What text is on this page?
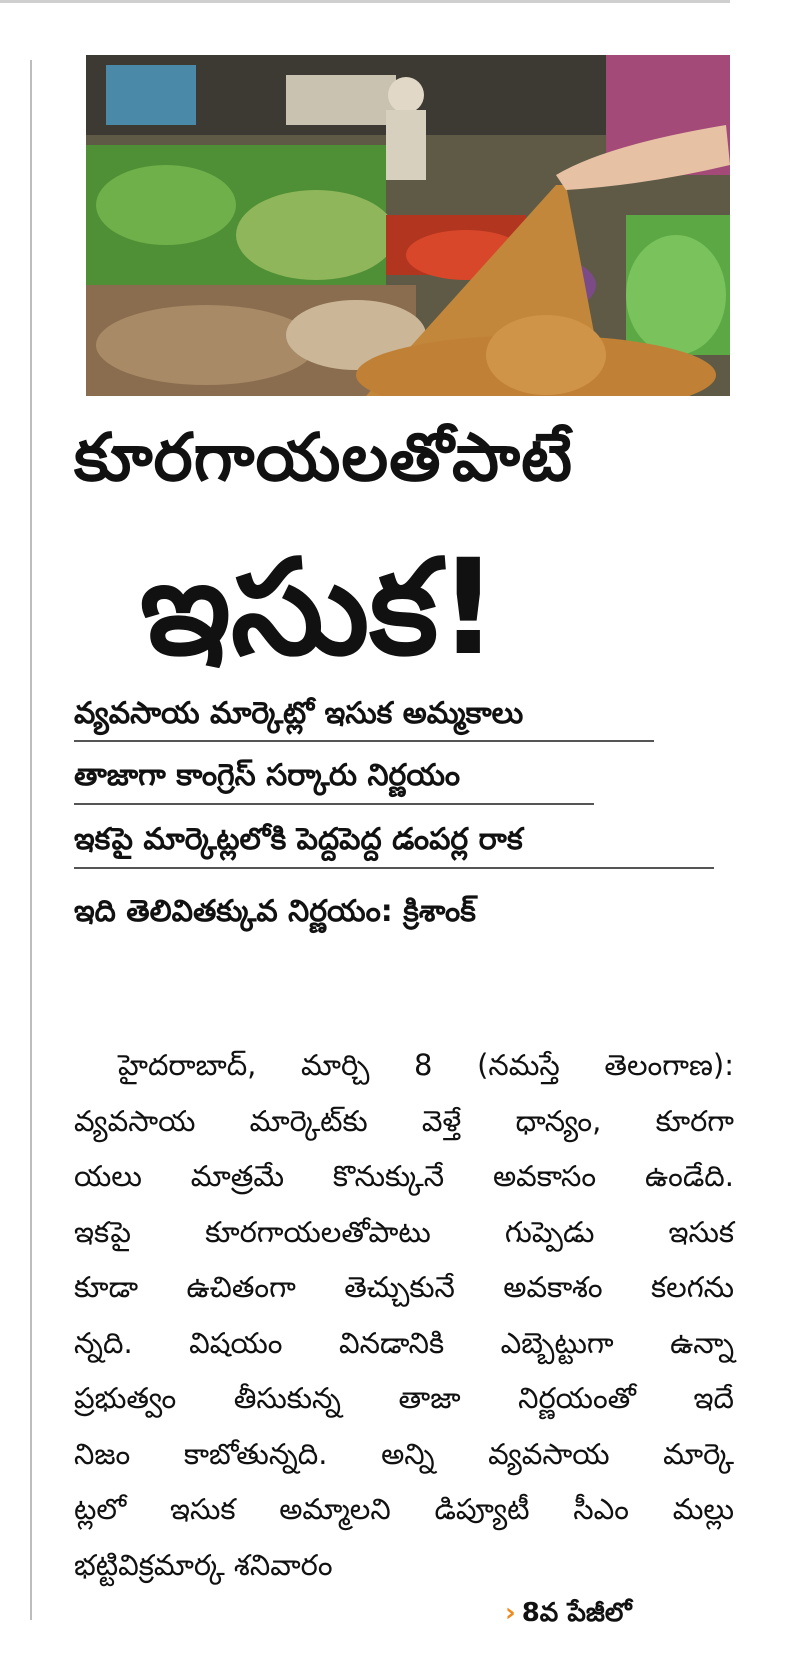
కూరగాయలతోపాటే
ఇసుక!
వ్యవసాయ మార్కెట్లో ఇసుక అమ్మకాలు
తాజాగా కాంగ్రెస్ సర్కారు నిర్ణయం
ఇకపై మార్కెట్లలోకి పెద్దపెద్ద డంపర్ల రాక
ఇది తెలివితక్కువ నిర్ణయం: క్రిశాంక్
హైదరాబాద్, మార్చి 8 (నమస్తే తెలంగాణ):
వ్యవసాయ మార్కెట్‌కు వెళ్తే ధాన్యం, కూరగా
యలు మాత్రమే కొనుక్కునే అవకాసం ఉండేది.
ఇకపై కూరగాయలతోపాటు గుప్పెడు ఇసుక
కూడా ఉచితంగా తెచ్చుకునే అవకాశం కలగను
న్నది. విషయం వినడానికి ఎబ్బెట్టుగా ఉన్నా
ప్రభుత్వం తీసుకున్న తాజా నిర్ణయంతో ఇదే
నిజం కాబోతున్నది. అన్ని వ్యవసాయ మార్కె
ట్లలో ఇసుక అమ్మాలని డిప్యూటీ సీఎం మల్లు
భట్టివిక్రమార్క శనివారం
› 8వ పేజీలో
